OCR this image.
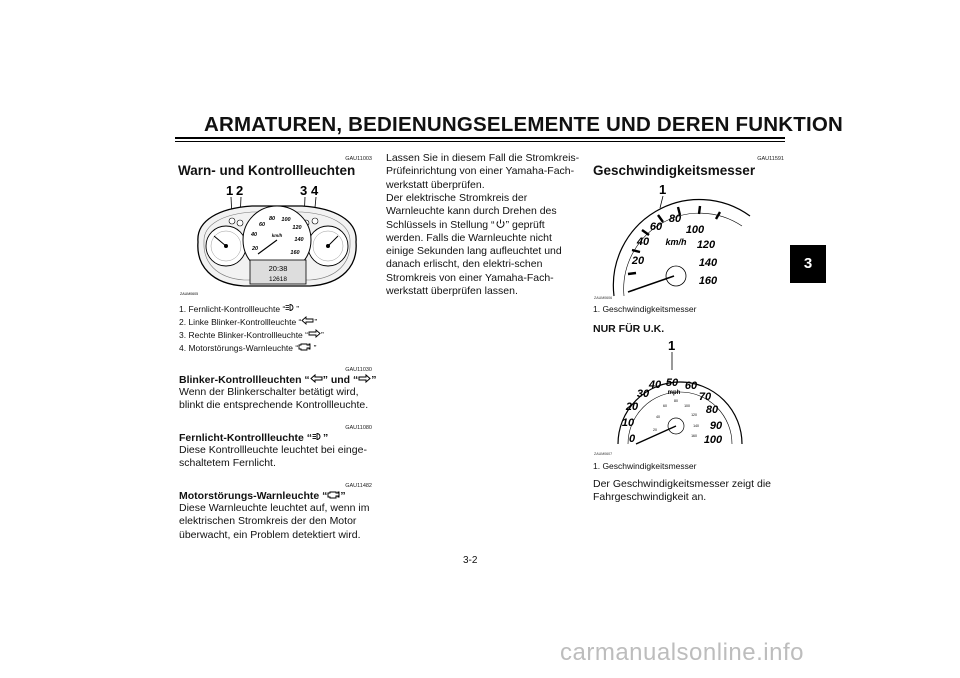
ARMATUREN, BEDIENUNGSELEMENTE UND DEREN FUNKTION
3
GAU11003
Warn- und Kontrollleuchten
1 2	3 4
20
40
60
80 100
120
140
160
km/h
20:38
12618
ZAUM0605
1. Fernlicht-Kontrollleuchte “ ”
2. Linke Blinker-Kontrollleuchte “ ”
3. Rechte Blinker-Kontrollleuchte “ ”
4. Motorstörungs-Warnleuchte “ ”
GAU11030
Blinker-Kontrollleuchten “ ” und “ ”
Wenn der Blinkerschalter betätigt wird, blinkt die entsprechende Kontrollleuchte.
GAU11080
Fernlicht-Kontrollleuchte “ ”
Diese Kontrollleuchte leuchtet bei einge-schaltetem Fernlicht.
GAU11482
Motorstörungs-Warnleuchte “ ”
Diese Warnleuchte leuchtet auf, wenn im elektrischen Stromkreis der den Motor überwacht, ein Problem detektiert wird.
Lassen Sie in diesem Fall die Stromkreis-Prüfeinrichtung von einer Yamaha-Fach-werkstatt überprüfen.
Der elektrische Stromkreis der Warnleuchte kann durch Drehen des Schlüssels in Stellung “ ” geprüft werden. Falls die Warnleuchte nicht einige Sekunden lang aufleuchtet und danach erlischt, den elektri-schen Stromkreis von einer Yamaha-Fach-werkstatt überprüfen lassen.
GAU11591
Geschwindigkeitsmesser
1
20
40
60
80
100
120
140
160
km/h
ZAUM0606
1. Geschwindigkeitsmesser
NUR FÜR U.K.
1
0
10
20
30
40 50 60
70
80
90
100
mph
20
40
60
80
100
120
140
160
ZAUM0607
1. Geschwindigkeitsmesser
Der Geschwindigkeitsmesser zeigt die Fahrgeschwindigkeit an.
3-2
carmanualsonline.info
